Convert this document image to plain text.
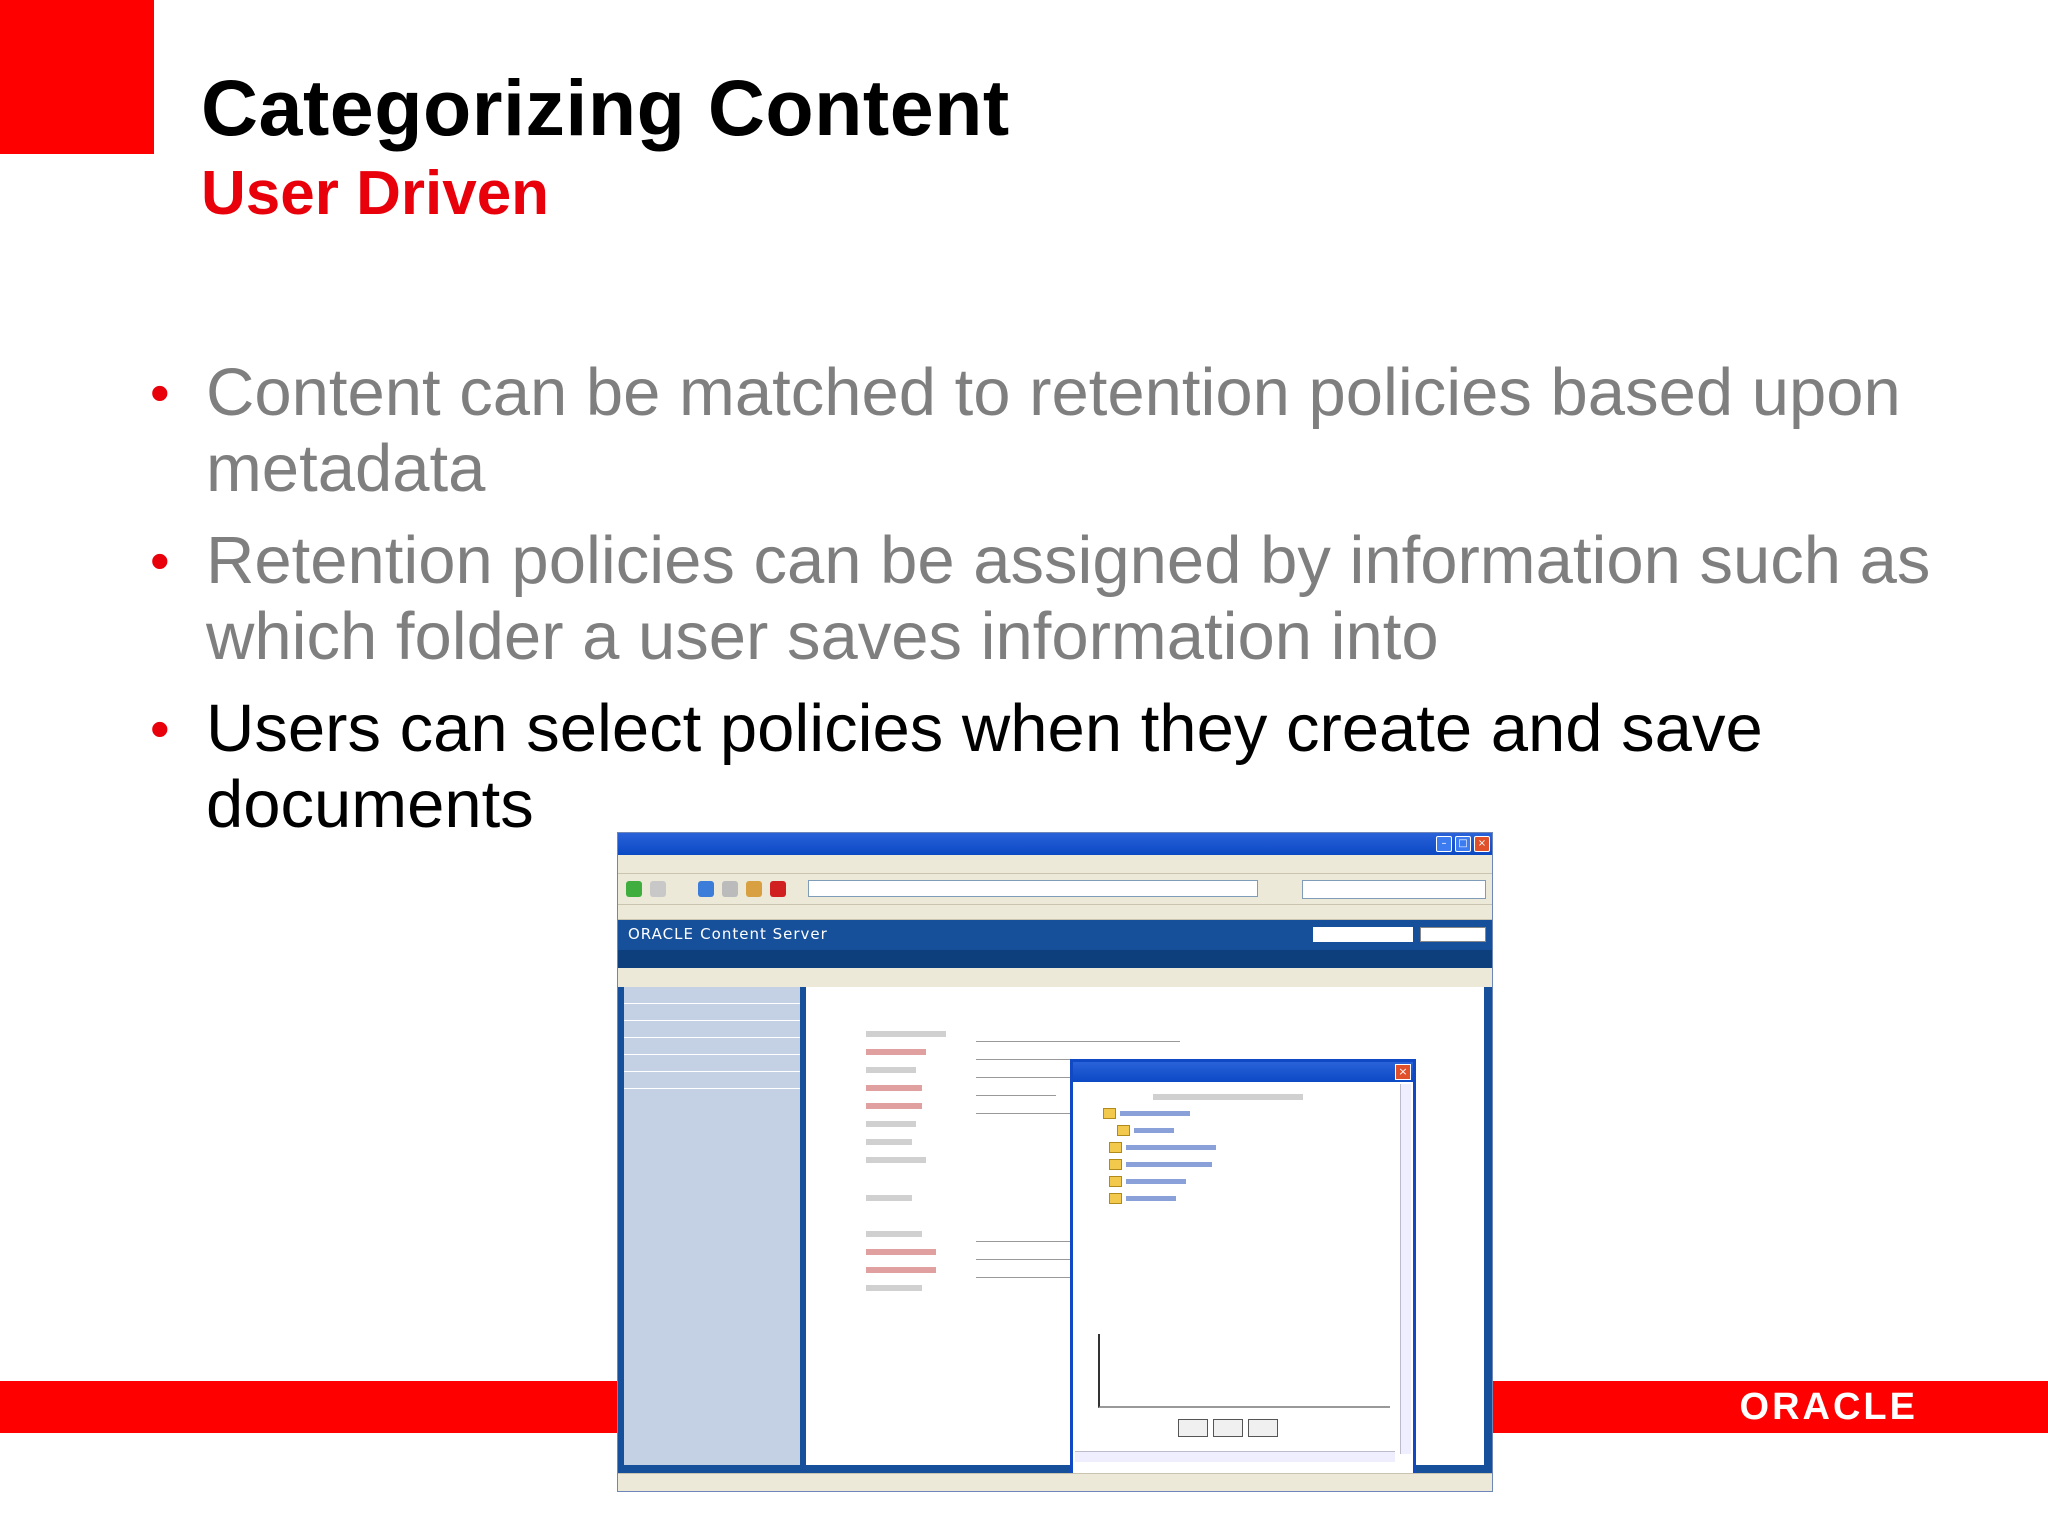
Categorizing Content
User Driven
• Content can be matched to retention policies based upon metadata
• Retention policies can be assigned by information such as which folder a user saves information into
• Users can select policies when they create and save documents
ORACLE
–	□	×
ORACLE Content Server
×
